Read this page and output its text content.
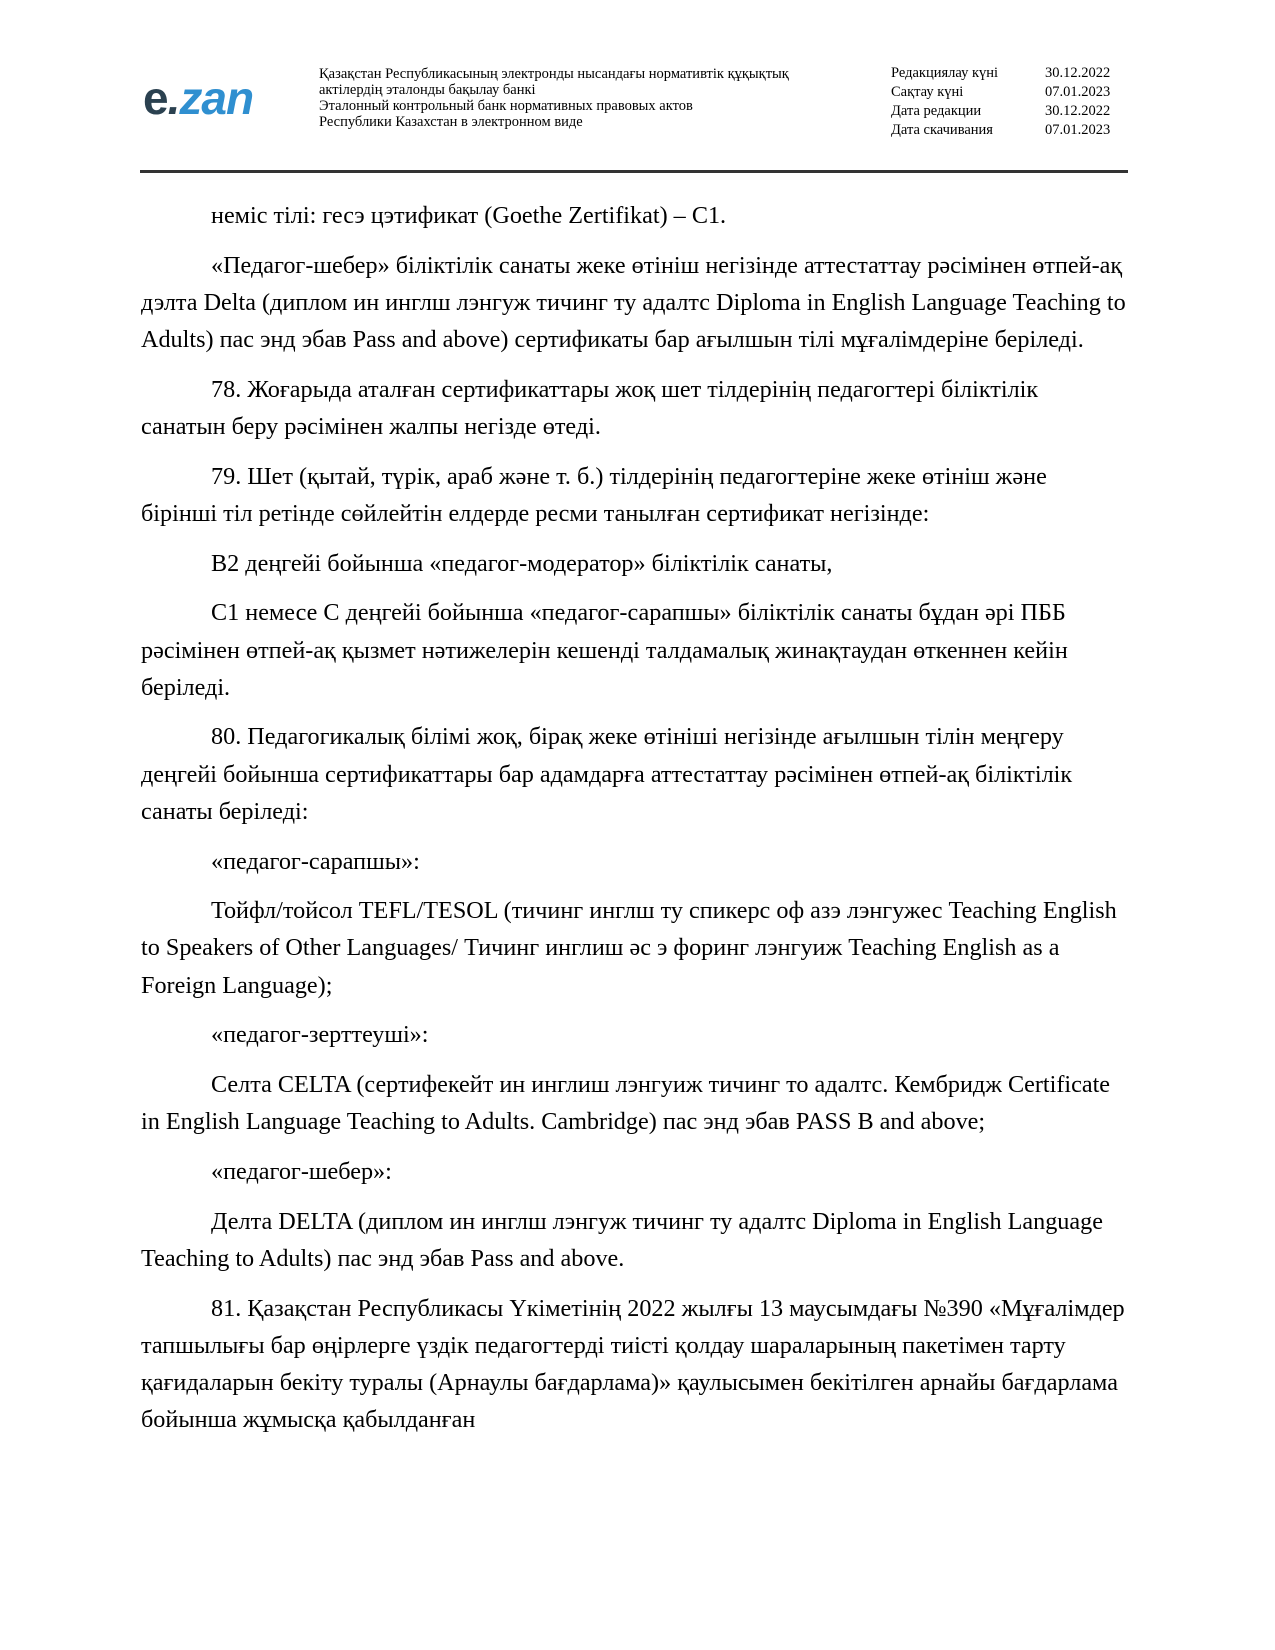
e.zan	Қазақстан Республикасының электронды нысандағы нормативтік құқықтық
актілердің эталонды бақылау банкі
Эталонный контрольный банк нормативных правовых актов
Республики Казахстан в электронном виде
Редакциялау күні	30.12.2022
Сақтау күні	07.01.2023
Дата редакции	30.12.2022
Дата скачивания	07.01.2023

неміс тілі: гесэ цэтификат (Goethe Zertifikat) – С1.

«Педагог-шебер» біліктілік санаты жеке өтініш негізінде аттестаттау рәсімінен өтпей-ақ дэлта Delta (диплом ин инглш лэнгуж тичинг ту адалтс Diploma in English Language Teaching to Adults) пас энд эбав Pass and above) сертификаты бар ағылшын тілі мұғалімдеріне беріледі.

78. Жоғарыда аталған сертификаттары жоқ шет тілдерінің педагогтері біліктілік санатын беру рәсімінен жалпы негізде өтеді.

79. Шет (қытай, түрік, араб және т. б.) тілдерінің педагогтеріне жеке өтініш және бірінші тіл ретінде сөйлейтін елдерде ресми танылған сертификат негізінде:

В2 деңгейі бойынша «педагог-модератор» біліктілік санаты,

С1 немесе С деңгейі бойынша «педагог-сарапшы» біліктілік санаты бұдан әрі ПББ рәсімінен өтпей-ақ қызмет нәтижелерін кешенді талдамалық жинақтаудан өткеннен кейін беріледі.

80. Педагогикалық білімі жоқ, бірақ жеке өтініші негізінде ағылшын тілін меңгеру деңгейі бойынша сертификаттары бар адамдарға аттестаттау рәсімінен өтпей-ақ біліктілік санаты беріледі:

«педагог-сарапшы»:

Тойфл/тойсол TEFL/TESOL (тичинг инглш ту спикерс оф азэ лэнгужес Teaching English to Speakers of Other Languages/ Тичинг инглиш әс э форинг лэнгуиж Teaching English as a Foreign Language);

«педагог-зерттеуші»:

Селта CELTA (сертифекейт ин инглиш лэнгуиж тичинг то адалтс. Кембридж Certificate in English Language Teaching to Adults. Cambridge) пас энд эбав PASS B and above;

«педагог-шебер»:

Делта DELTA (диплом ин инглш лэнгуж тичинг ту адалтс Diploma in English Language Teaching to Adults) пас энд эбав Pass and above.

81. Қазақстан Республикасы Үкіметінің 2022 жылғы 13 маусымдағы №390 «Мұғалімдер тапшылығы бар өңірлерге үздік педагогтерді тиісті қолдау шараларының пакетімен тарту қағидаларын бекіту туралы (Арнаулы бағдарлама)» қаулысымен бекітілген арнайы бағдарлама бойынша жұмысқа қабылданған
